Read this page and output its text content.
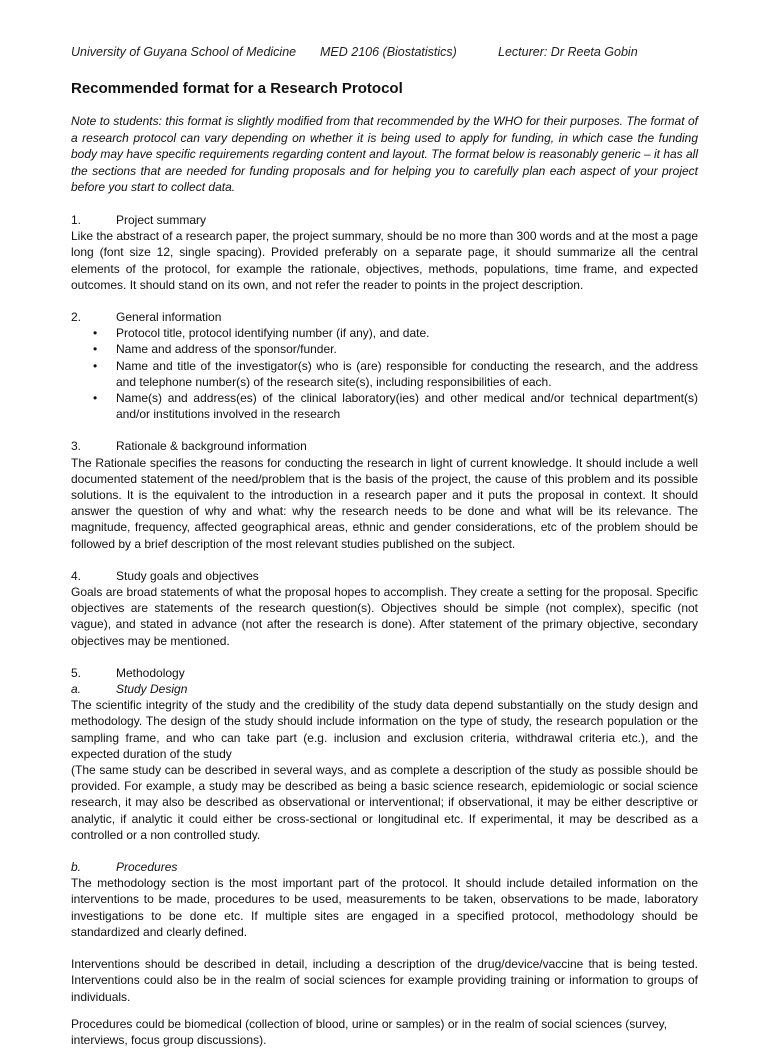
University of Guyana School of Medicine	MED 2106 (Biostatistics)	Lecturer: Dr Reeta Gobin
Recommended format for a Research Protocol
Note to students: this format is slightly modified from that recommended by the WHO for their purposes. The format of a research protocol can vary depending on whether it is being used to apply for funding, in which case the funding body may have specific requirements regarding content and layout. The format below is reasonably generic – it has all the sections that are needed for funding proposals and for helping you to carefully plan each aspect of your project before you start to collect data.
1.	Project summary
Like the abstract of a research paper, the project summary, should be no more than 300 words and at the most a page long (font size 12, single spacing). Provided preferably on a separate page, it should summarize all the central elements of the protocol, for example the rationale, objectives, methods, populations, time frame, and expected outcomes. It should stand on its own, and not refer the reader to points in the project description.
2.	General information
• Protocol title, protocol identifying number (if any), and date.
• Name and address of the sponsor/funder.
• Name and title of the investigator(s) who is (are) responsible for conducting the research, and the address and telephone number(s) of the research site(s), including responsibilities of each.
• Name(s) and address(es) of the clinical laboratory(ies) and other medical and/or technical department(s) and/or institutions involved in the research
3.	Rationale & background information
The Rationale specifies the reasons for conducting the research in light of current knowledge. It should include a well documented statement of the need/problem that is the basis of the project, the cause of this problem and its possible solutions. It is the equivalent to the introduction in a research paper and it puts the proposal in context. It should answer the question of why and what: why the research needs to be done and what will be its relevance. The magnitude, frequency, affected geographical areas, ethnic and gender considerations, etc of the problem should be followed by a brief description of the most relevant studies published on the subject.
4.	Study goals and objectives
Goals are broad statements of what the proposal hopes to accomplish. They create a setting for the proposal. Specific objectives are statements of the research question(s). Objectives should be simple (not complex), specific (not vague), and stated in advance (not after the research is done). After statement of the primary objective, secondary objectives may be mentioned.
5.	Methodology
a.	Study Design
The scientific integrity of the study and the credibility of the study data depend substantially on the study design and methodology. The design of the study should include information on the type of study, the research population or the sampling frame, and who can take part (e.g. inclusion and exclusion criteria, withdrawal criteria etc.), and the expected duration of the study
(The same study can be described in several ways, and as complete a description of the study as possible should be provided. For example, a study may be described as being a basic science research, epidemiologic or social science research, it may also be described as observational or interventional; if observational, it may be either descriptive or analytic, if analytic it could either be cross-sectional or longitudinal etc. If experimental, it may be described as a controlled or a non controlled study.
b.	Procedures
The methodology section is the most important part of the protocol. It should include detailed information on the interventions to be made, procedures to be used, measurements to be taken, observations to be made, laboratory investigations to be done etc. If multiple sites are engaged in a specified protocol, methodology should be standardized and clearly defined.
Interventions should be described in detail, including a description of the drug/device/vaccine that is being tested. Interventions could also be in the realm of social sciences for example providing training or information to groups of individuals.
Procedures could be biomedical (collection of blood, urine or samples) or in the realm of social sciences (survey, interviews, focus group discussions).
